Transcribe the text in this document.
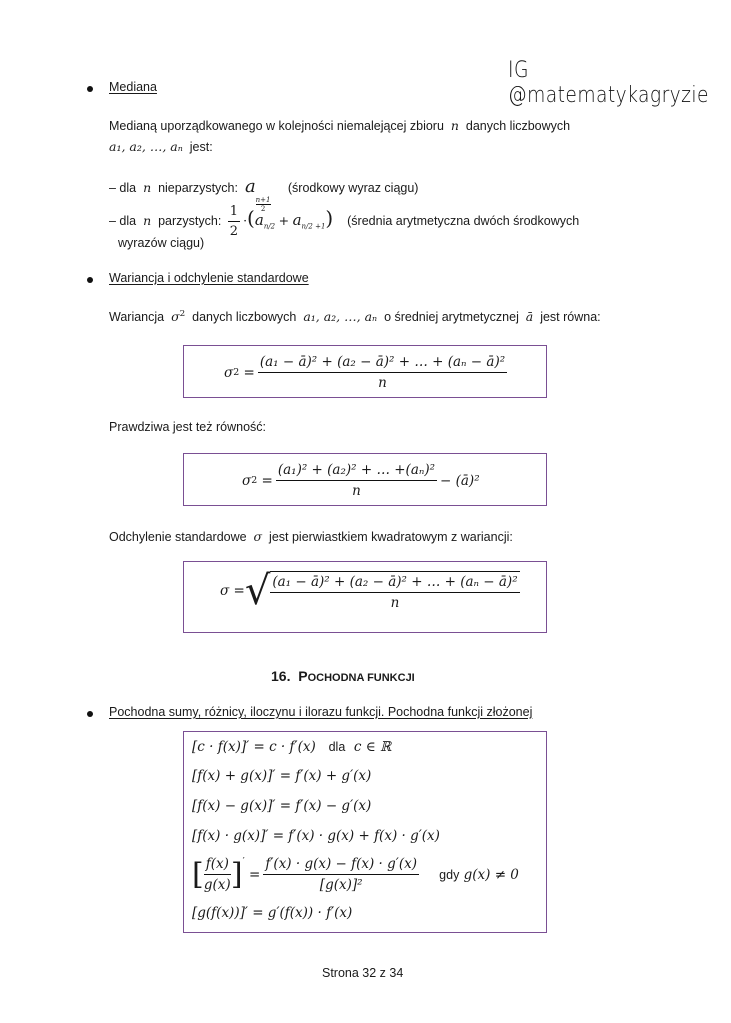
IG @matematykagryzie
Mediana
Medianą uporządkowanego w kolejności niemalejącej zbioru n danych liczbowych
a₁, a₂, …, aₙ jest:
– dla n nieparzystych: a
$\frac{n+1}{2}$
(środkowy wyraz ciągu)
– dla n parzystych: $\frac{1}{2} \cdot(a_{n/2} + a_{n/2 +1})$ (średnia arytmetyczna dwóch środkowych
wyrazów ciągu)
Wariancja i odchylenie standardowe
Wariancja $\sigma^2$ danych liczbowych a₁, a₂, …, aₙ o średniej arytmetycznej ā jest równa:
σ $2 = \frac{\text{(a₁ − ā)² + (a₂ − ā)² + … + (aₙ − ā)²}}{n}$
Prawdziwa jest też równość:
σ $2 = \frac{\text{(a₁)² + (a₂)² + … +(aₙ)²}}{n}$ − (ā)²
Odchylenie standardowe σ jest pierwiastkiem kwadratowym z wariancji:
σ = √ $\frac{\text{(a₁ − ā)² + (a₂ − ā)² + … + (aₙ − ā)²}}{n}$
16. POCHODNA FUNKCJI
Pochodna sumy, różnicy, iloczynu i ilorazu funkcji. Pochodna funkcji złożonej
[c · f(x)]′ = c · f′(x) dla c ∈ ℝ
[f(x) + g(x)]′ = f′(x) + g′(x)
[f(x) − g(x)]′ = f′(x) − g′(x)
[f(x) · g(x)]′ = f′(x) · g(x) + f(x) · g′(x)
[ $\frac{f(x)}{g(x)} ]'$
= $\frac{f'(x) \cdot g(x) - f(x) \cdot g'(x)}{\text{[g(x)]²}}$
gdy
g(x) ≠ 0
[g(f(x))]′ = g′(f(x)) · f′(x)
Strona 32 z 34
